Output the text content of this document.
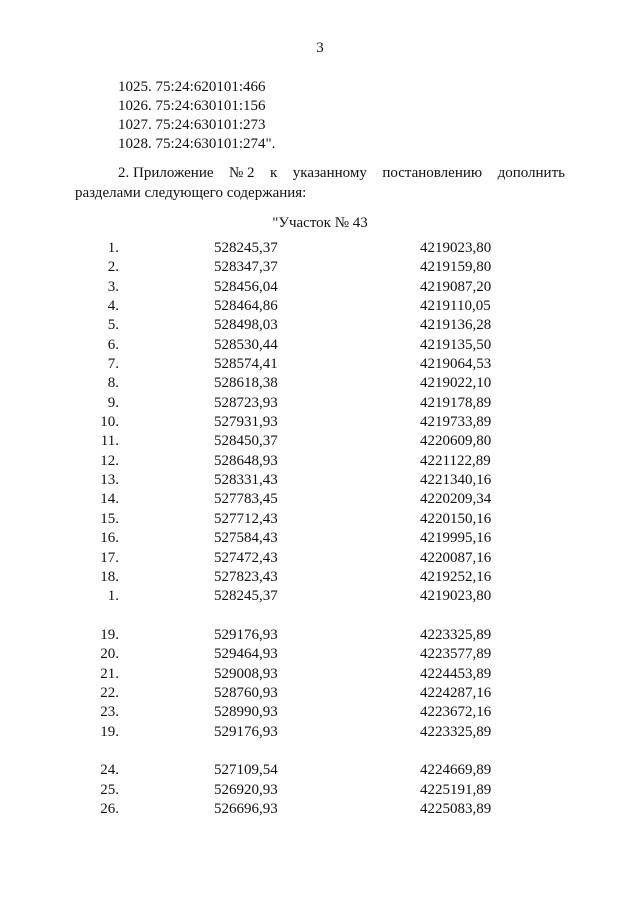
3
1025. 75:24:620101:466
1026. 75:24:630101:156
1027. 75:24:630101:273
1028. 75:24:630101:274".
2. Приложение № 2 к указанному постановлению дополнить
разделами следующего содержания:
"Участок № 43
1.	528245,37	4219023,80
2.	528347,37	4219159,80
3.	528456,04	4219087,20
4.	528464,86	4219110,05
5.	528498,03	4219136,28
6.	528530,44	4219135,50
7.	528574,41	4219064,53
8.	528618,38	4219022,10
9.	528723,93	4219178,89
10.	527931,93	4219733,89
11.	528450,37	4220609,80
12.	528648,93	4221122,89
13.	528331,43	4221340,16
14.	527783,45	4220209,34
15.	527712,43	4220150,16
16.	527584,43	4219995,16
17.	527472,43	4220087,16
18.	527823,43	4219252,16
1.	528245,37	4219023,80
19.	529176,93	4223325,89
20.	529464,93	4223577,89
21.	529008,93	4224453,89
22.	528760,93	4224287,16
23.	528990,93	4223672,16
19.	529176,93	4223325,89
24.	527109,54	4224669,89
25.	526920,93	4225191,89
26.	526696,93	4225083,89
